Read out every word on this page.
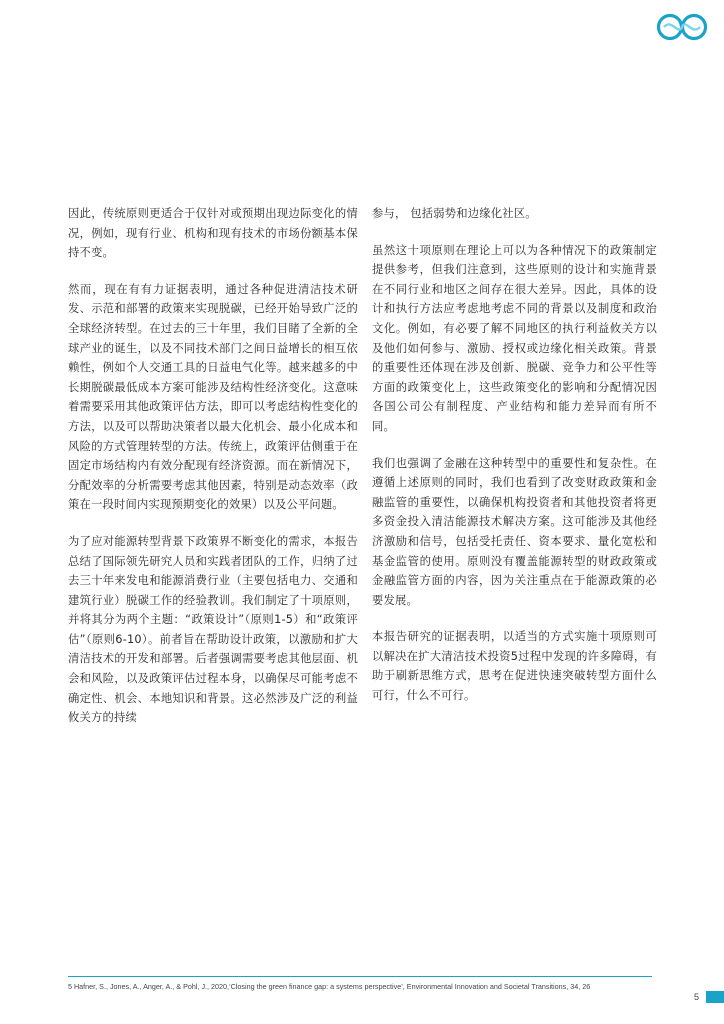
因此，传统原则更适合于仅针对或预期出现边际变化的情况，例如，现有行业、机构和现有技术的市场份额基本保持不变。

然而，现在有有力证据表明，通过各种促进清洁技术研发、示范和部署的政策来实现脱碳，已经开始导致广泛的全球经济转型。在过去的三十年里，我们目睹了全新的全球产业的诞生，以及不同技术部门之间日益增长的相互依赖性，例如个人交通工具的日益电气化等。越来越多的中长期脱碳最低成本方案可能涉及结构性经济变化。这意味着需要采用其他政策评估方法，即可以考虑结构性变化的方法，以及可以帮助决策者以最大化机会、最小化成本和风险的方式管理转型的方法。传统上，政策评估侧重于在固定市场结构内有效分配现有经济资源。而在新情况下，分配效率的分析需要考虑其他因素，特别是动态效率（政策在一段时间内实现预期变化的效果）以及公平问题。

为了应对能源转型背景下政策界不断变化的需求，本报告总结了国际领先研究人员和实践者团队的工作，归纳了过去三十年来发电和能源消费行业（主要包括电力、交通和建筑行业）脱碳工作的经验教训。我们制定了十项原则，并将其分为两个主题：“政策设计”（原则1-5）和“政策评估”（原则6-10）。前者旨在帮助设计政策，以激励和扩大清洁技术的开发和部署。后者强调需要考虑其他层面、机会和风险，以及政策评估过程本身，以确保尽可能考虑不确定性、机会、本地知识和背景。这必然涉及广泛的利益攸关方的持续

参与， 包括弱势和边缘化社区。

虽然这十项原则在理论上可以为各种情况下的政策制定提供参考，但我们注意到，这些原则的设计和实施背景在不同行业和地区之间存在很大差异。因此，具体的设计和执行方法应考虑地考虑不同的背景以及制度和政治文化。例如，有必要了解不同地区的执行利益攸关方以及他们如何参与、激励、授权或边缘化相关政策。背景的重要性还体现在涉及创新、脱碳、竞争力和公平性等方面的政策变化上，这些政策变化的影响和分配情况因各国公司公有制程度、产业结构和能力差异而有所不同。

我们也强调了金融在这种转型中的重要性和复杂性。在遵循上述原则的同时，我们也看到了改变财政政策和金融监管的重要性，以确保机构投资者和其他投资者将更多资金投入清洁能源技术解决方案。这可能涉及其他经济激励和信号，包括受托责任、资本要求、量化宽松和基金监管的使用。原则没有覆盖能源转型的财政政策或金融监管方面的内容，因为关注重点在于能源政策的必要发展。

本报告研究的证据表明，以适当的方式实施十项原则可以解决在扩大清洁技术投资5过程中发现的许多障碍，有助于刷新思维方式，思考在促进快速突破转型方面什么可行，什么不可行。

5 Hafner, S., Jones, A., Anger, A., & Pohl, J., 2020,‘Closing the green finance gap: a systems perspective’, Environmental Innovation and Societal Transitions, 34, 26
5
